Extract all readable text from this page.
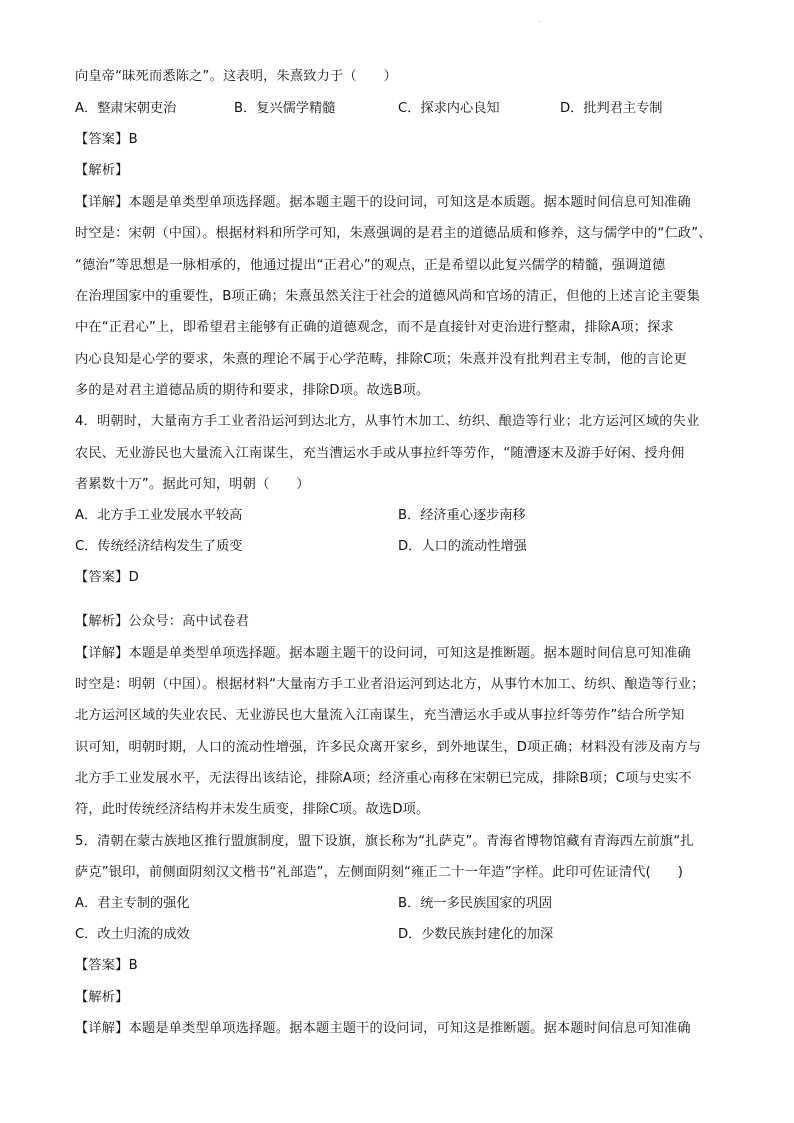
·
向皇帝“昧死而悉陈之”。这表明，朱熹致力于（　　）
A．整肃宋朝吏治	B．复兴儒学精髓	C．探求内心良知	D．批判君主专制
【答案】B
【解析】
【详解】本题是单类型单项选择题。据本题主题干的设问词，可知这是本质题。据本题时间信息可知准确
时空是：宋朝（中国）。根据材料和所学可知，朱熹强调的是君主的道德品质和修养，这与儒学中的“仁政”、
“德治”等思想是一脉相承的，他通过提出“正君心”的观点，正是希望以此复兴儒学的精髓，强调道德
在治理国家中的重要性，B项正确；朱熹虽然关注于社会的道德风尚和官场的清正，但他的上述言论主要集
中在“正君心”上，即希望君主能够有正确的道德观念，而不是直接针对吏治进行整肃，排除A项；探求
内心良知是心学的要求，朱熹的理论不属于心学范畴，排除C项；朱熹并没有批判君主专制，他的言论更
多的是对君主道德品质的期待和要求，排除D项。故选B项。
4．明朝时，大量南方手工业者沿运河到达北方，从事竹木加工、纺织、酿造等行业；北方运河区域的失业
农民、无业游民也大量流入江南谋生，充当漕运水手或从事拉纤等劳作，“随漕逐末及游手好闲、授舟佣
者累数十万”。据此可知，明朝（　　）
A．北方手工业发展水平较高	B．经济重心逐步南移
C．传统经济结构发生了质变	D．人口的流动性增强
【答案】D
【解析】公众号：高中试卷君
【详解】本题是单类型单项选择题。据本题主题干的设问词，可知这是推断题。据本题时间信息可知准确
时空是：明朝（中国）。根据材料“大量南方手工业者沿运河到达北方，从事竹木加工、纺织、酿造等行业；
北方运河区域的失业农民、无业游民也大量流入江南谋生，充当漕运水手或从事拉纤等劳作”结合所学知
识可知，明朝时期，人口的流动性增强，许多民众离开家乡，到外地谋生，D项正确；材料没有涉及南方与
北方手工业发展水平，无法得出该结论，排除A项；经济重心南移在宋朝已完成，排除B项；C项与史实不
符，此时传统经济结构并未发生质变，排除C项。故选D项。
5．清朝在蒙古族地区推行盟旗制度，盟下设旗，旗长称为“扎萨克”。青海省博物馆藏有青海西左前旗“扎
萨克”银印，前侧面阴刻汉文楷书“礼部造”，左侧面阴刻“雍正二十一年造”字样。此印可佐证清代(　　)
A．君主专制的强化	B．统一多民族国家的巩固
C．改土归流的成效	D．少数民族封建化的加深
【答案】B
【解析】
【详解】本题是单类型单项选择题。据本题主题干的设问词，可知这是推断题。据本题时间信息可知准确
